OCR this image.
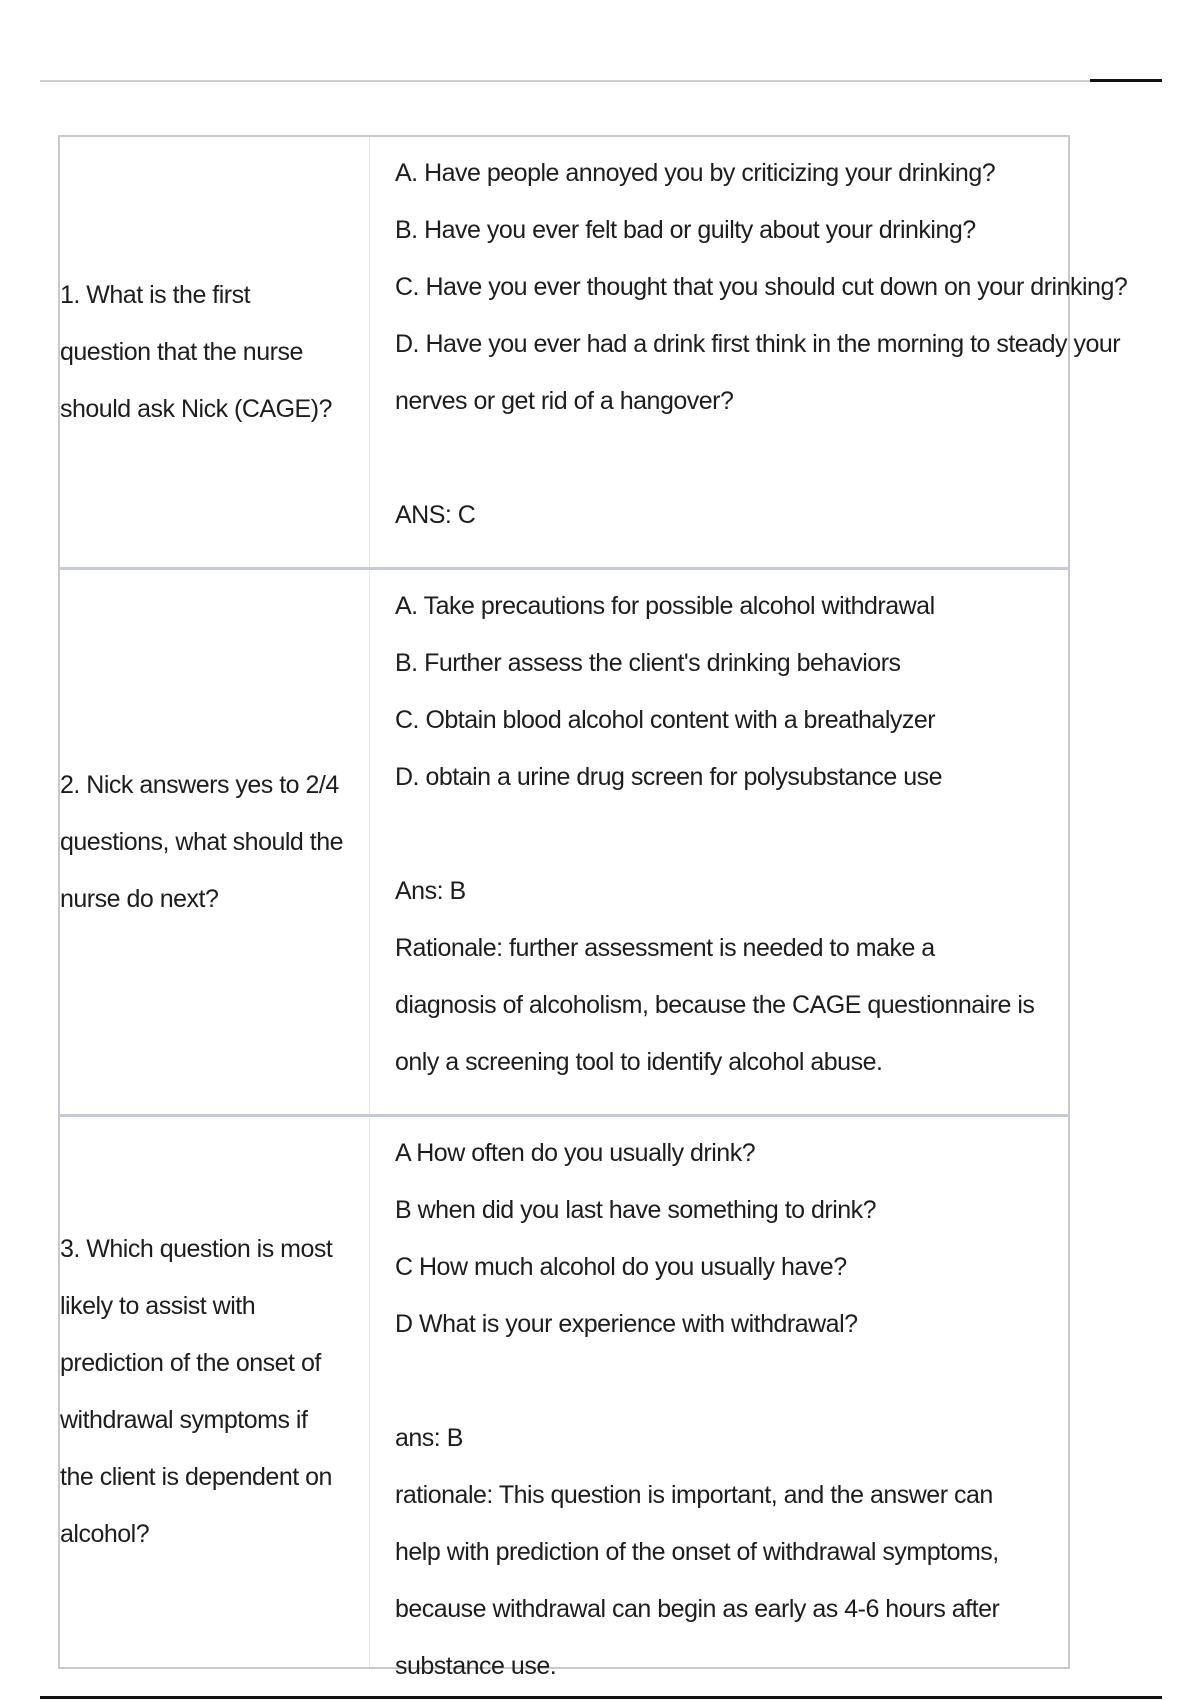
1. What is the first question that the nurse should ask Nick (CAGE)?

A. Have people annoyed you by criticizing your drinking?

B. Have you ever felt bad or guilty about your drinking?

C. Have you ever thought that you should cut down on your drinking?

D. Have you ever had a drink first think in the morning to steady your

nerves or get rid of a hangover?

ANS: C

2. Nick answers yes to 2/4 questions, what should the nurse do next?

A. Take precautions for possible alcohol withdrawal

B. Further assess the client's drinking behaviors

C. Obtain blood alcohol content with a breathalyzer

D. obtain a urine drug screen for polysubstance use

Ans: B

Rationale: further assessment is needed to make a diagnosis of alcoholism, because the CAGE questionnaire is only a screening tool to identify alcohol abuse.

3. Which question is most likely to assist with prediction of the onset of withdrawal symptoms if the client is dependent on alcohol?

A How often do you usually drink?

B when did you last have something to drink?

C How much alcohol do you usually have?

D What is your experience with withdrawal?

ans: B

rationale: This question is important, and the answer can help with prediction of the onset of withdrawal symptoms, because withdrawal can begin as early as 4-6 hours after substance use.
